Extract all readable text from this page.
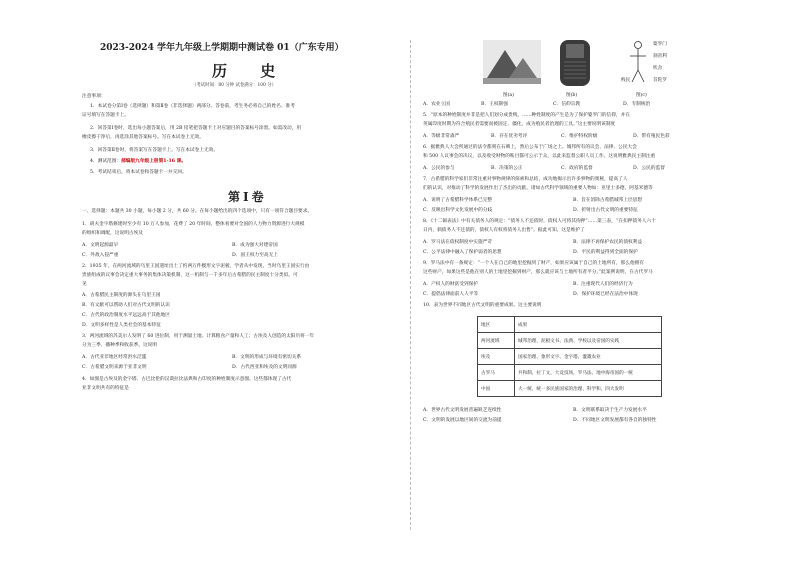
2023-2024 学年九年级上学期期中测试卷 01（广东专用）
历 史
（考试时间：80 分钟 试卷满分：100 分）
注意事项：
1．本试卷分第Ⅰ卷（选择题）和第Ⅱ卷（非选择题）两部分。答卷前，考生务必将自己的姓名、准考
证号填写在答题卡上。
2．回答第Ⅰ卷时，选出每小题答案后，用 2B 铅笔把答题卡上对应题目的答案标号涂黑。如需改动，用
橡皮擦干净后，再选涂其他答案标号。写在本试卷上无效。
3．回答第Ⅱ卷时，将答案写在答题卡上。写在本试卷上无效。
4．测试范围：部编版九年级上册第1-16 课。
5．考试结束后，将本试卷和答题卡一并交回。
第Ⅰ卷
一、选择题：本题共 30 小题，每小题 2 分，共 60 分。在每小题给出的四个选项中，只有一项符合题目要求。
1．胡夫金字塔修建时至少有 10 万人参加，花费了 20 年时间，整体看要对全国的人力物力资源进行大规模
的组织和调配，这说明古埃及
A．文明起源最早	B．成为强大对建帝国
C．外敌入侵严重	D．国王权力至高无上
2．1935 年，在两河流域的乌里王国遗址出土了约两万件楔形文字泥板，学者从中发现，当时乌里王国实行由
贵族组成的议事会决定重大事务的集体决策机制，这一机制与一千多年后古希腊的民主制度十分类似。可
见
A．古希腊民主制度的源头在乌里王国
B．有文献可以帮助人们对古代文明的认识
C．古代的政治制度水平远远高于其他地区
D．文明多样性是人类社会的基本特征
3．两河流域的苏美尔人发明了 60 进位制，用于测量土地、计算粮食产量和人工；古埃及人创造的太阳历将一年
分为三季、播种季和收获季。这说明
A．古代亚非地区经常洪水泛滥	B．文明的形成与环境有密切关系
C．古希腊文明来源于亚非文明	D．古代西亚和埃及的文明同源
4．如图是古埃及的金字塔、古巴比伦的汉谟拉比法典和古印度的种姓制度示意图。这些都体现了古代
亚非文明共有的特征是
婆罗门
刹帝利
吠舍
首陀罗
贱民
图(a)	图(b)	图(c)
A．农业立国	B．王权制强	C．信仰宗教	D．专制统治
5．“原本的种姓制度并非是把人们划分成贵贱，……种姓制度的产生是为了保护婆罗门的信仰，并在
英属印度时期为符合殖民者需要而被固定、僵化，成为殖民者治理的工具。”这主要说明该制度
A．等级非常森严	B．存在优劣考评	C．维护特权阶级	D．带有殖民色彩
6．据雅典人大会所通过的法令都刻在石碑上，然后公布于广场之上。城邦所有的议会、法律、公民大会
和 500 人议事会的决议，以及收受财物的账目都可公示于众，以此来监督公职人员工作。这说明雅典民主制注重
A．公民的参与	B．决策的公正	C．政府的监督	D．公民的监督
7．古希腊的科学家们非常注重对事物规律的探索和总结，成功地揭示出许多事物的奥秘，提高了人
们的认识，对推动了科学的发展作出了杰出的贡献。诸如古代科学领域的重要人物如：亚里士多德，阿基米德等
A．说明了古希腊科学体系已完整	B．旨在消除古希腊城邦上层思想
C．反映出科学文化发展中的分歧	D．折射出古代文明的重要特征
8．《十二铜表法》中有关债务人的规定：“债务人不还债时，债权人可将其拘押”……第三表，“在扣押债务人六十
日内，倘债务人不还债的，债权人有权将债务人出售”。据此可知，这是维护了
A．罗马法在债权制度中实施严苛	B．法律不再保护农民的债权利益
C．公平法律中融入了保护弱者的思想	D．平民的利益得到全面的保护
9．罗马法中有一条规定：“一个人在自己的地里挖掘到了财产，如果应该属于自己的土地所有，那么他拥有
这些财产，如果这些是他在别人的土地里挖掘到财产，那么就应该与土地所有者平分。”此案例说明，在古代罗马
A．产权人的财富受到保护	B．注重现代人们的经济行为
C．提倡法律面前人人平等	D．保护环境已经在法治中体现
10．表为世界不同地区古代文明的重要成果。这主要说明
地区	成果
两河流域	城邦治理、泥板文书、法典、学校以及帝国的实践
埃及	国家治理、象形文字、金字塔、灌溉农业
古罗马	共和制、拉丁文、大竞技场，罗马法、地中海帝国的一统
中国	大一统、统一多民族国家的治理、科学和、四大发明
A．世界古代文明发展普遍缺乏连续性	B．文明联系取决于生产力发展水平
C．文明的发展以地区间的交流为前提	D．不同地区文明发展都有各自的独特性
